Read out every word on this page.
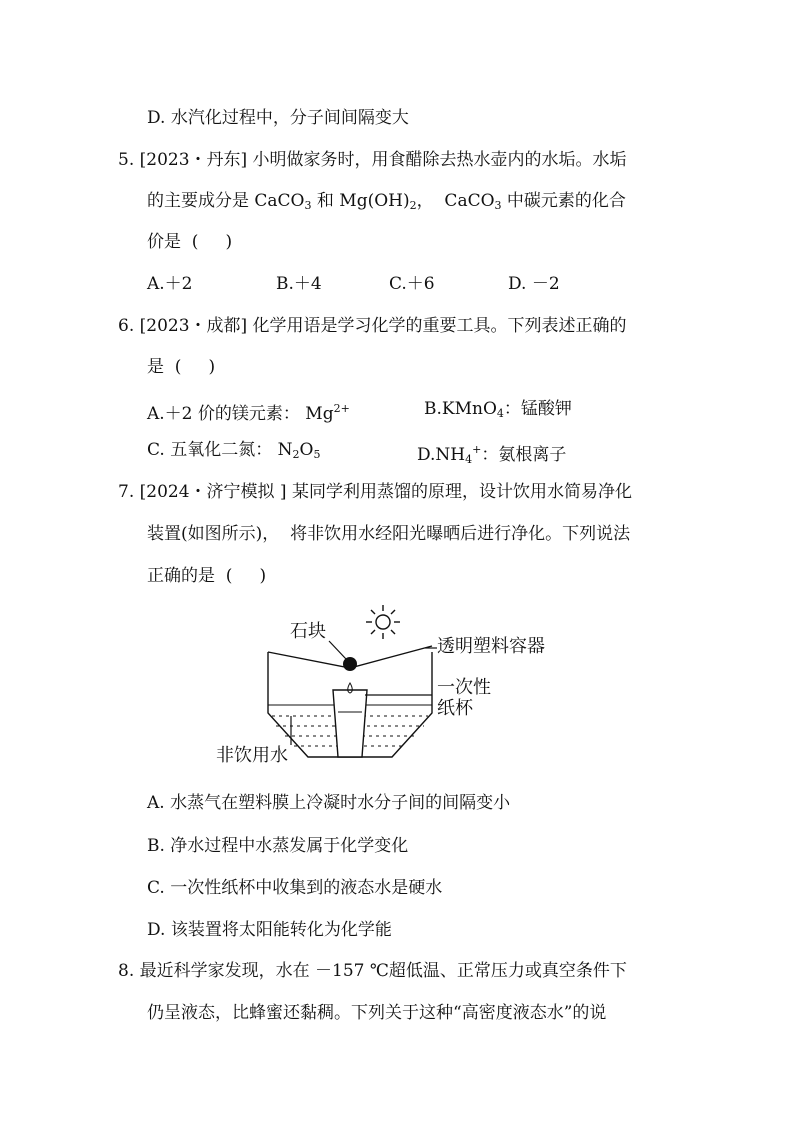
D. 水汽化过程中，分子间间隔变大
5. [2023・丹东] 小明做家务时，用食醋除去热水壶内的水垢。水垢
的主要成分是 CaCO$_3$ 和 $Mg(OH)_2$，  CaCO$_3$ 中碳元素的化合
价是  (     )
A.＋2	B.＋4	C.＋6	D. －2
6. [2023・成都] 化学用语是学习化学的重要工具。下列表述正确的
是  (     )
A.＋2 价的镁元素： $Mg^{2+}$	B.KMnO$_4$：锰酸钾
C. 五氧化二氮： $N_2O_5$	$D.NH_4^+$：氨根离子
7. [2024・济宁模拟 ] 某同学利用蒸馏的原理，设计饮用水简易净化
装置(如图所示)，  将非饮用水经阳光曝晒后进行净化。下列说法
正确的是  (     )
石块
透明塑料容器
一次性
纸杯
非饮用水
A. 水蒸气在塑料膜上冷凝时水分子间的间隔变小
B. 净水过程中水蒸发属于化学变化
C. 一次性纸杯中收集到的液态水是硬水
D. 该装置将太阳能转化为化学能
8. 最近科学家发现，水在 －157 ℃超低温、正常压力或真空条件下
仍呈液态，比蜂蜜还黏稠。下列关于这种“高密度液态水”的说
